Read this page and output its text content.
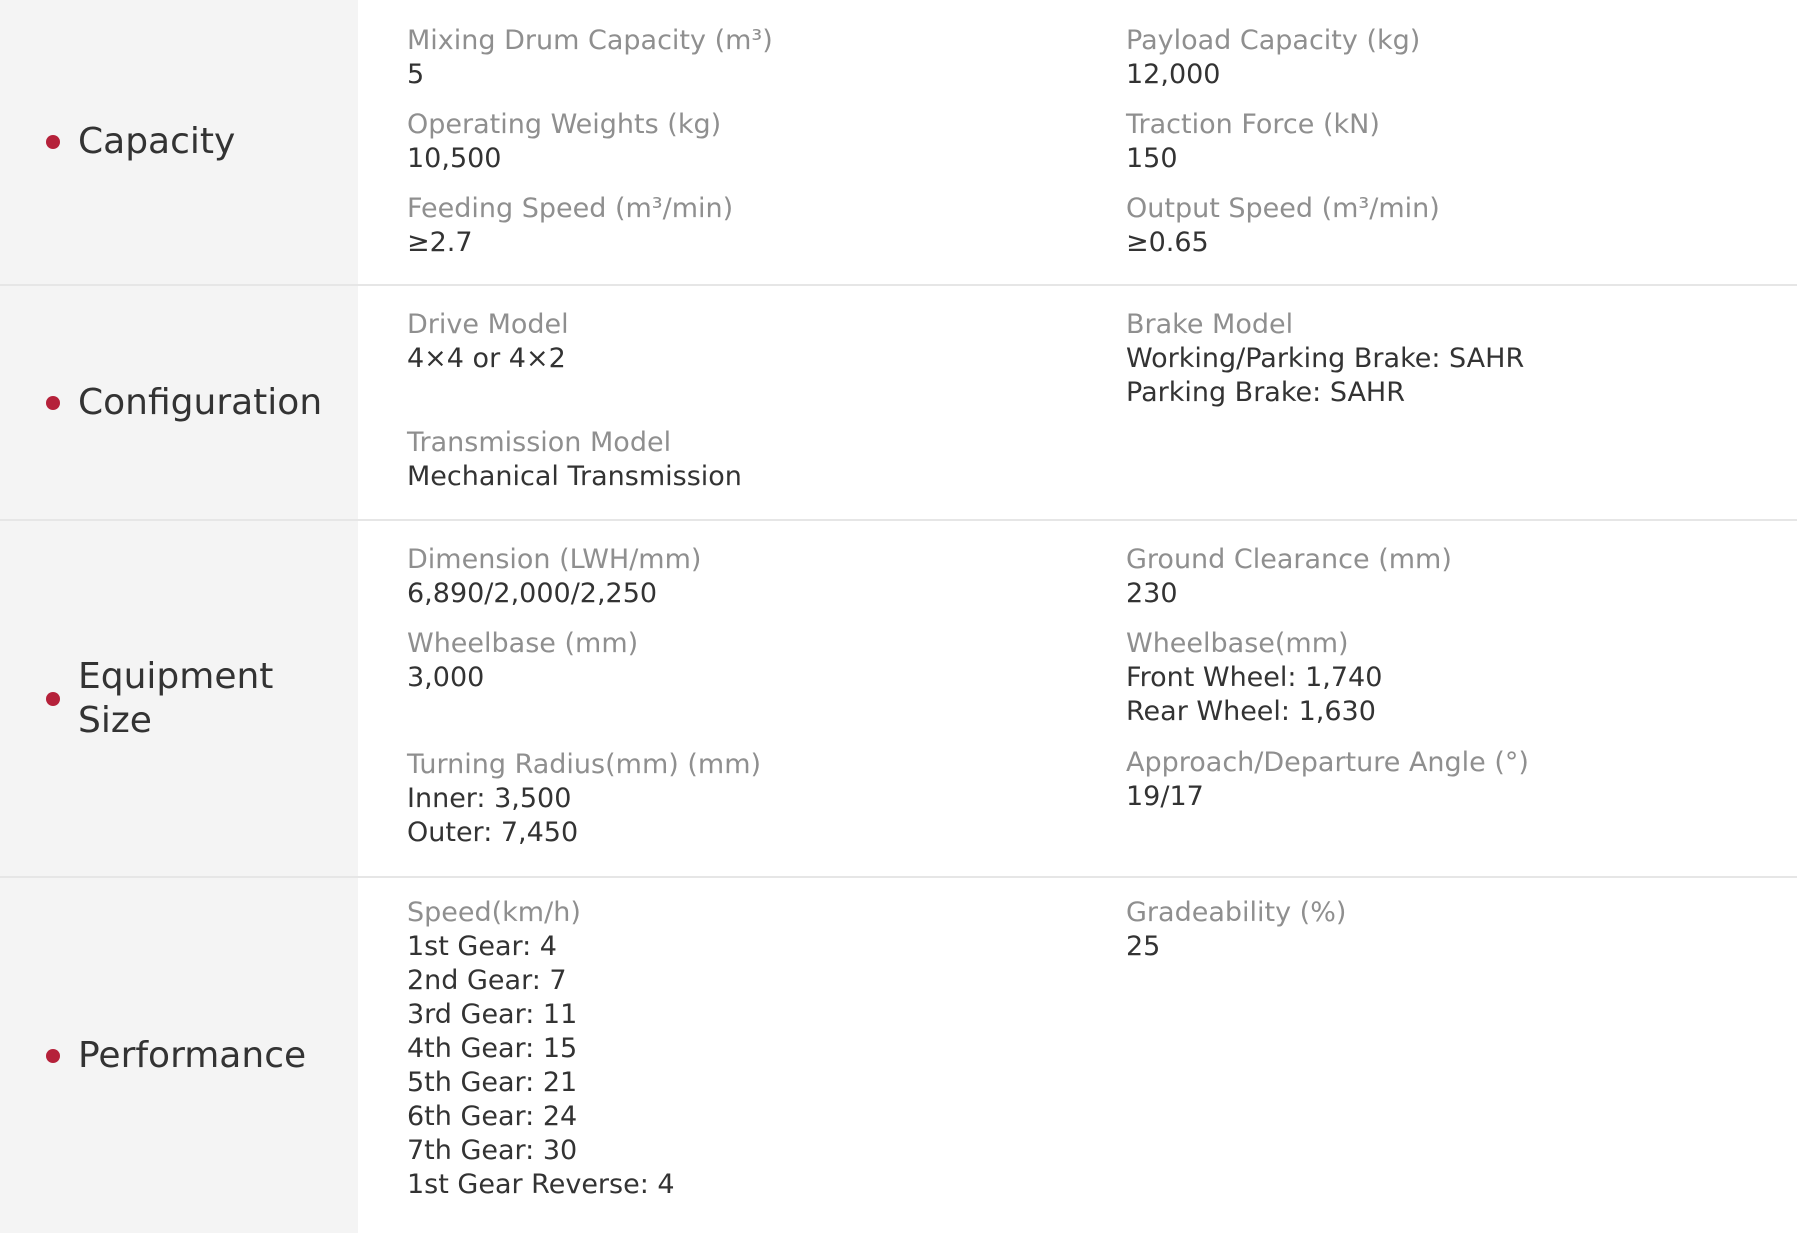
Capacity
Mixing Drum Capacity (m³)
5
Payload Capacity (kg)
12,000
Operating Weights (kg)
10,500
Traction Force (kN)
150
Feeding Speed (m³/min)
≥2.7
Output Speed (m³/min)
≥0.65
Configuration
Drive Model
4×4 or 4×2
Brake Model
Working/Parking Brake: SAHR
Parking Brake: SAHR
Transmission Model
Mechanical Transmission
Equipment
Size
Dimension (LWH/mm)
6,890/2,000/2,250
Ground Clearance (mm)
230
Wheelbase (mm)
3,000
Wheelbase(mm)
Front Wheel: 1,740
Rear Wheel: 1,630
Turning Radius(mm) (mm)
Inner: 3,500
Outer: 7,450
Approach/Departure Angle (°)
19/17
Performance
Speed(km/h)
1st Gear: 4
2nd Gear: 7
3rd Gear: 11
4th Gear: 15
5th Gear: 21
6th Gear: 24
7th Gear: 30
1st Gear Reverse: 4
Gradeability (%)
25
